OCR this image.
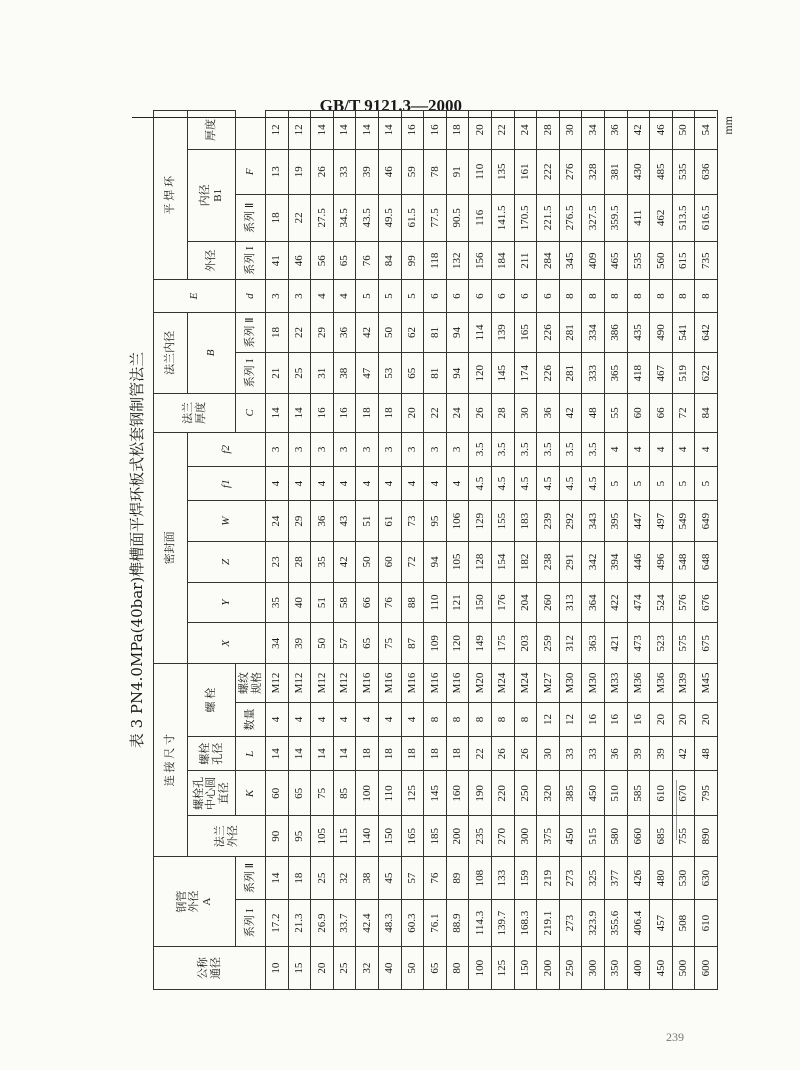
GB/T 9121.3—2000
表 3 PN4.0MPa(40bar)榫槽面平焊环板式松套钢制管法兰
公称
通径	钢管
外径
A		连 接 尺 寸					密封面						法兰
厚度	法兰内径		E	平 焊 环			
			法兰
外径	螺栓孔
中心圆
直径	螺栓
孔径	螺 栓		X	Y	Z	W	f1	f2		B			外径	内径
B1		厚度
	系列 I	系列 Ⅱ		K	L	数量	螺纹
规格							C	系列 I	系列 Ⅱ	d	系列 I	系列 Ⅱ	F	
10	17.2	14	90	60	14	4	M12	34	35	23	24	4	3	14	21	18	3	41	18	13	12
15	21.3	18	95	65	14	4	M12	39	40	28	29	4	3	14	25	22	3	46	22	19	12
20	26.9	25	105	75	14	4	M12	50	51	35	36	4	3	16	31	29	4	56	27.5	26	14
25	33.7	32	115	85	14	4	M12	57	58	42	43	4	3	16	38	36	4	65	34.5	33	14
32	42.4	38	140	100	18	4	M16	65	66	50	51	4	3	18	47	42	5	76	43.5	39	14
40	48.3	45	150	110	18	4	M16	75	76	60	61	4	3	18	53	50	5	84	49.5	46	14
50	60.3	57	165	125	18	4	M16	87	88	72	73	4	3	20	65	62	5	99	61.5	59	16
65	76.1	76	185	145	18	8	M16	109	110	94	95	4	3	22	81	81	6	118	77.5	78	16
80	88.9	89	200	160	18	8	M16	120	121	105	106	4	3	24	94	94	6	132	90.5	91	18
100	114.3	108	235	190	22	8	M20	149	150	128	129	4.5	3.5	26	120	114	6	156	116	110	20
125	139.7	133	270	220	26	8	M24	175	176	154	155	4.5	3.5	28	145	139	6	184	141.5	135	22
150	168.3	159	300	250	26	8	M24	203	204	182	183	4.5	3.5	30	174	165	6	211	170.5	161	24
200	219.1	219	375	320	30	12	M27	259	260	238	239	4.5	3.5	36	226	226	6	284	221.5	222	28
250	273	273	450	385	33	12	M30	312	313	291	292	4.5	3.5	42	281	281	8	345	276.5	276	30
300	323.9	325	515	450	33	16	M30	363	364	342	343	4.5	3.5	48	333	334	8	409	327.5	328	34
350	355.6	377	580	510	36	16	M33	421	422	394	395	5	4	55	365	386	8	465	359.5	381	36
400	406.4	426	660	585	39	16	M36	473	474	446	447	5	4	60	418	435	8	535	411	430	42
450	457	480	685	610	39	20	M36	523	524	496	497	5	4	66	467	490	8	560	462	485	46
500	508	530	755	670	42	20	M39	575	576	548	549	5	4	72	519	541	8	615	513.5	535	50
600	610	630	890	795	48	20	M45	675	676	648	649	5	4	84	622	642	8	735	616.5	636	54 mm
239
